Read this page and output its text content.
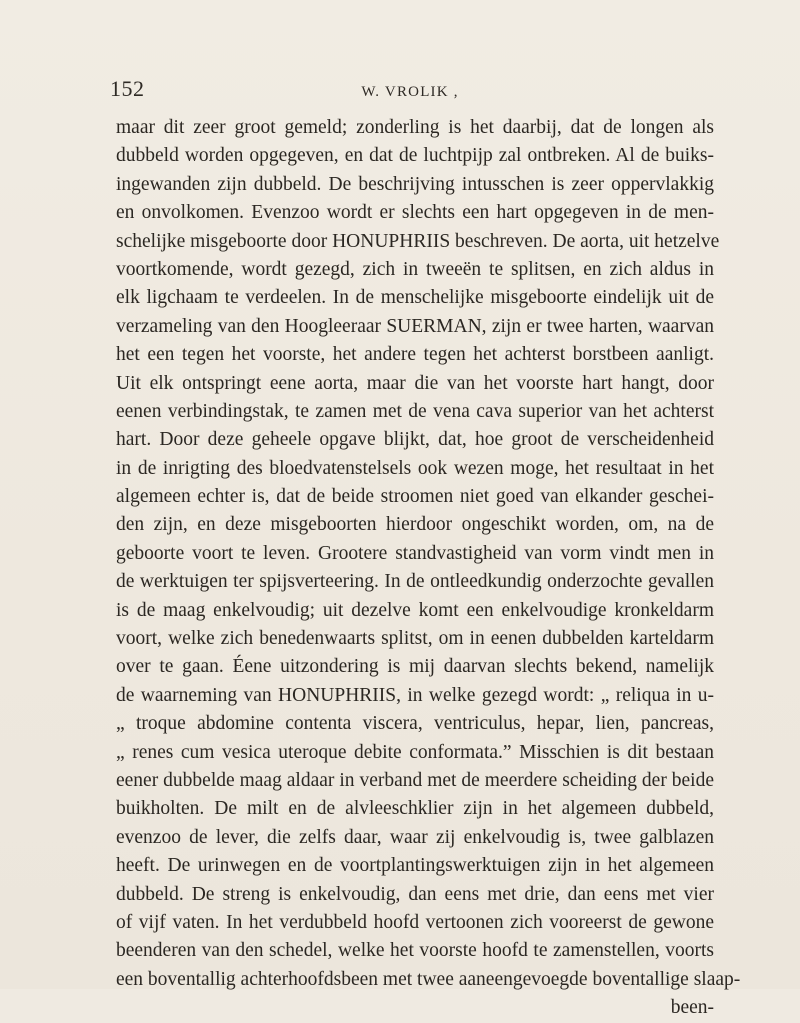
152	W. VROLIK ,
maar dit zeer groot gemeld; zonderling is het daarbij, dat de longen als
dubbeld worden opgegeven, en dat de luchtpijp zal ontbreken. Al de buiks-
ingewanden zijn dubbeld. De beschrijving intusschen is zeer oppervlakkig
en onvolkomen. Evenzoo wordt er slechts een hart opgegeven in de men-
schelijke misgeboorte door HONUPHRIIS beschreven. De aorta, uit hetzelve
voortkomende, wordt gezegd, zich in tweeën te splitsen, en zich aldus in
elk ligchaam te verdeelen. In de menschelijke misgeboorte eindelijk uit de
verzameling van den Hoogleeraar SUERMAN, zijn er twee harten, waarvan
het een tegen het voorste, het andere tegen het achterst borstbeen aanligt.
Uit elk ontspringt eene aorta, maar die van het voorste hart hangt, door
eenen verbindingstak, te zamen met de vena cava superior van het achterst
hart. Door deze geheele opgave blijkt, dat, hoe groot de verscheidenheid
in de inrigting des bloedvatenstelsels ook wezen moge, het resultaat in het
algemeen echter is, dat de beide stroomen niet goed van elkander geschei-
den zijn, en deze misgeboorten hierdoor ongeschikt worden, om, na de
geboorte voort te leven. Grootere standvastigheid van vorm vindt men in
de werktuigen ter spijsverteering. In de ontleedkundig onderzochte gevallen
is de maag enkelvoudig; uit dezelve komt een enkelvoudige kronkeldarm
voort, welke zich benedenwaarts splitst, om in eenen dubbelden karteldarm
over te gaan. Éene uitzondering is mij daarvan slechts bekend, namelijk
de waarneming van HONUPHRIIS, in welke gezegd wordt: „ reliqua in u-
„ troque abdomine contenta viscera, ventriculus, hepar, lien, pancreas,
„ renes cum vesica uteroque debite conformata.” Misschien is dit bestaan
eener dubbelde maag aldaar in verband met de meerdere scheiding der beide
buikholten. De milt en de alvleeschklier zijn in het algemeen dubbeld,
evenzoo de lever, die zelfs daar, waar zij enkelvoudig is, twee galblazen
heeft. De urinwegen en de voortplantingswerktuigen zijn in het algemeen
dubbeld. De streng is enkelvoudig, dan eens met drie, dan eens met vier
of vijf vaten. In het verdubbeld hoofd vertoonen zich vooreerst de gewone
beenderen van den schedel, welke het voorste hoofd te zamenstellen, voorts
een boventallig achterhoofdsbeen met twee aaneengevoegde boventallige slaap-
been-
